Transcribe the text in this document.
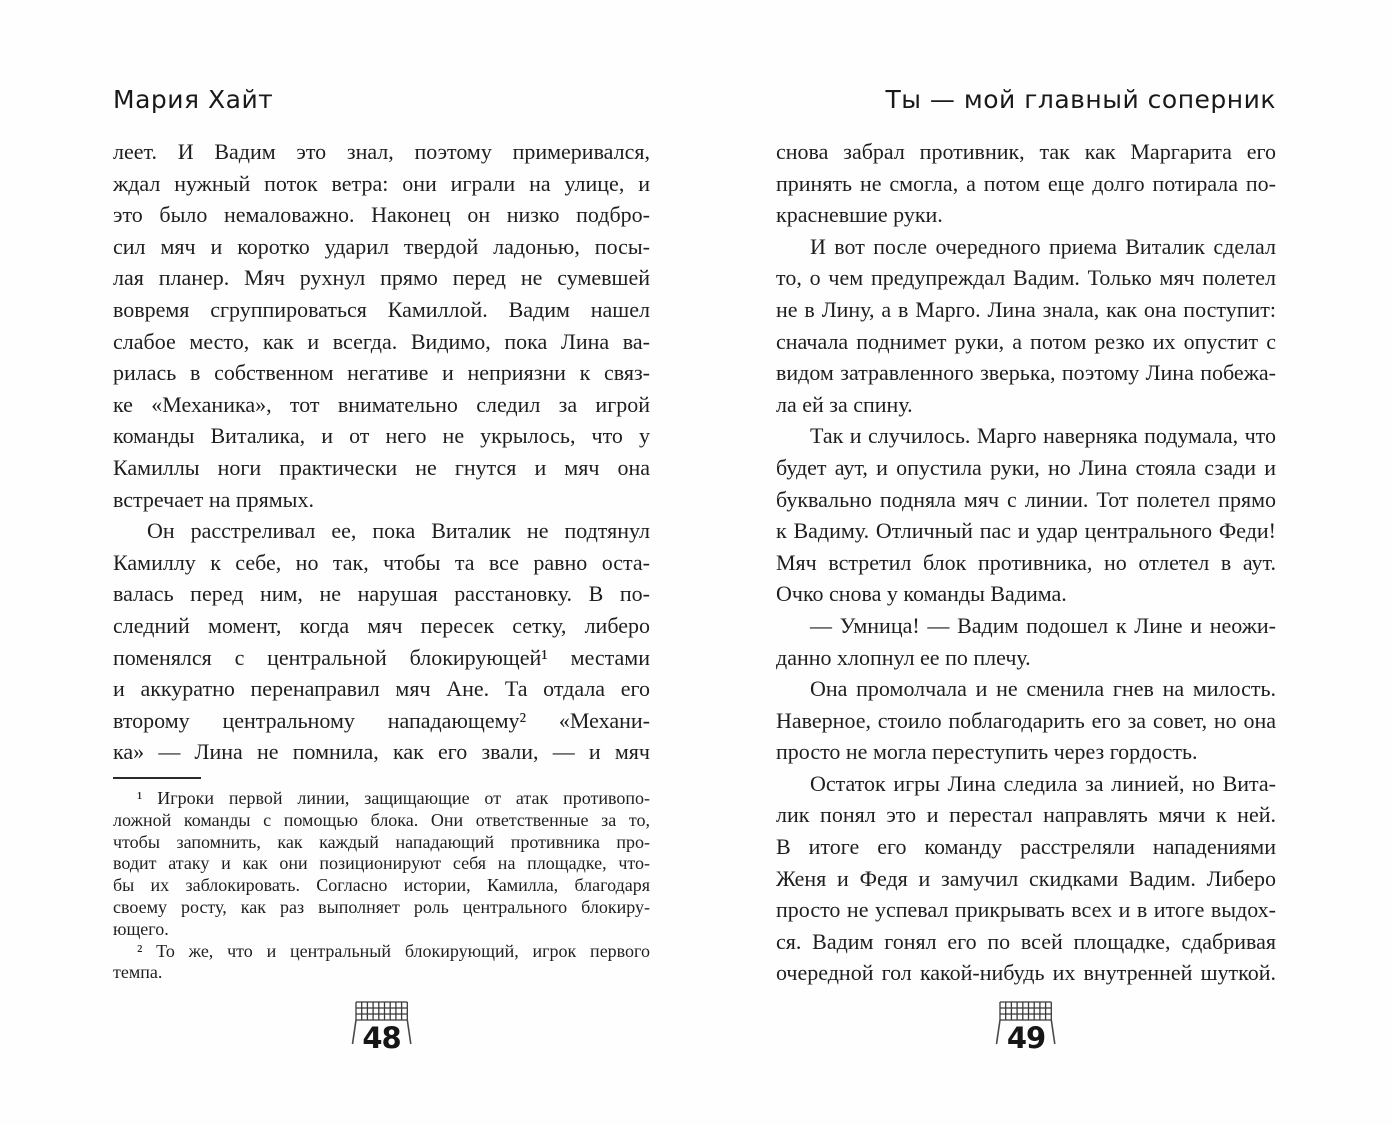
Мария Хайт
леет. И Вадим это знал, поэтому примеривался,
ждал нужный поток ветра: они играли на улице, и
это было немаловажно. Наконец он низко подбро-
сил мяч и коротко ударил твердой ладонью, посы-
лая планер. Мяч рухнул прямо перед не сумевшей
вовремя сгруппироваться Камиллой. Вадим нашел
слабое место, как и всегда. Видимо, пока Лина ва-
рилась в собственном негативе и неприязни к связ-
ке «Механика», тот внимательно следил за игрой
команды Виталика, и от него не укрылось, что у
Камиллы ноги практически не гнутся и мяч она
встречает на прямых.
Он расстреливал ее, пока Виталик не подтянул
Камиллу к себе, но так, чтобы та все равно оста-
валась перед ним, не нарушая расстановку. В по-
следний момент, когда мяч пересек сетку, либеро
поменялся с центральной блокирующей¹ местами
и аккуратно перенаправил мяч Ане. Та отдала его
второму центральному нападающему² «Механи-
ка» — Лина не помнила, как его звали, — и мяч
¹ Игроки первой линии, защищающие от атак противопо-
ложной команды с помощью блока. Они ответственные за то,
чтобы запомнить, как каждый нападающий противника про-
водит атаку и как они позиционируют себя на площадке, что-
бы их заблокировать. Согласно истории, Камилла, благодаря
своему росту, как раз выполняет роль центрального блокиру-
ющего.
² То же, что и центральный блокирующий, игрок первого
темпа.
48
Ты — мой главный соперник
снова забрал противник, так как Маргарита его
принять не смогла, а потом еще долго потирала по-
красневшие руки.
И вот после очередного приема Виталик сделал
то, о чем предупреждал Вадим. Только мяч полетел
не в Лину, а в Марго. Лина знала, как она поступит:
сначала поднимет руки, а потом резко их опустит с
видом затравленного зверька, поэтому Лина побежа-
ла ей за спину.
Так и случилось. Марго наверняка подумала, что
будет аут, и опустила руки, но Лина стояла сзади и
буквально подняла мяч с линии. Тот полетел прямо
к Вадиму. Отличный пас и удар центрального Феди!
Мяч встретил блок противника, но отлетел в аут.
Очко снова у команды Вадима.
— Умница! — Вадим подошел к Лине и неожи-
данно хлопнул ее по плечу.
Она промолчала и не сменила гнев на милость.
Наверное, стоило поблагодарить его за совет, но она
просто не могла переступить через гордость.
Остаток игры Лина следила за линией, но Вита-
лик понял это и перестал направлять мячи к ней.
В итоге его команду расстреляли нападениями
Женя и Федя и замучил скидками Вадим. Либеро
просто не успевал прикрывать всех и в итоге выдох-
ся. Вадим гонял его по всей площадке, сдабривая
очередной гол какой-нибудь их внутренней шуткой.
49
